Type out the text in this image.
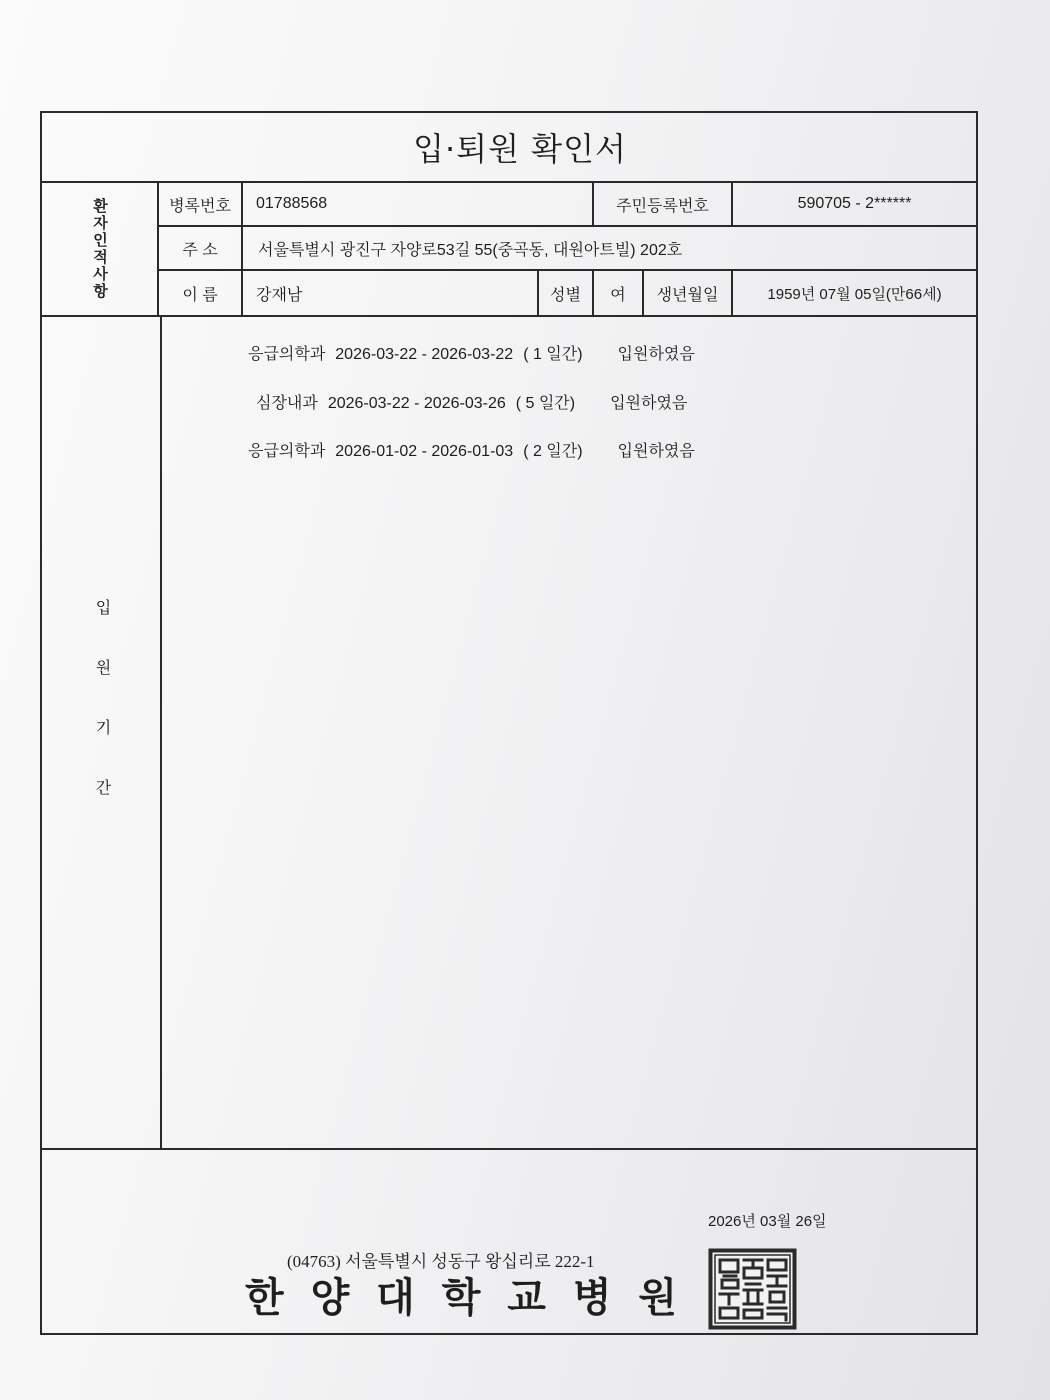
입·퇴원 확인서
환자인적사항	병록번호	01788568	주민등록번호	590705 - 2******
주 소	서울특별시 광진구 자양로53길 55(중곡동, 대원아트빌) 202호
이 름	강재남	성별	여	생년월일	1959년 07월 05일(만66세)
입원기간
응급의학과 2026-03-22 - 2026-03-22 ( 1 일간) 입원하였음
심장내과 2026-03-22 - 2026-03-26 ( 5 일간) 입원하였음
응급의학과 2026-01-02 - 2026-01-03 ( 2 일간) 입원하였음
2026년 03월 26일
(04763) 서울특별시 성동구 왕십리로 222-1
한 양 대 학 교 병 원
